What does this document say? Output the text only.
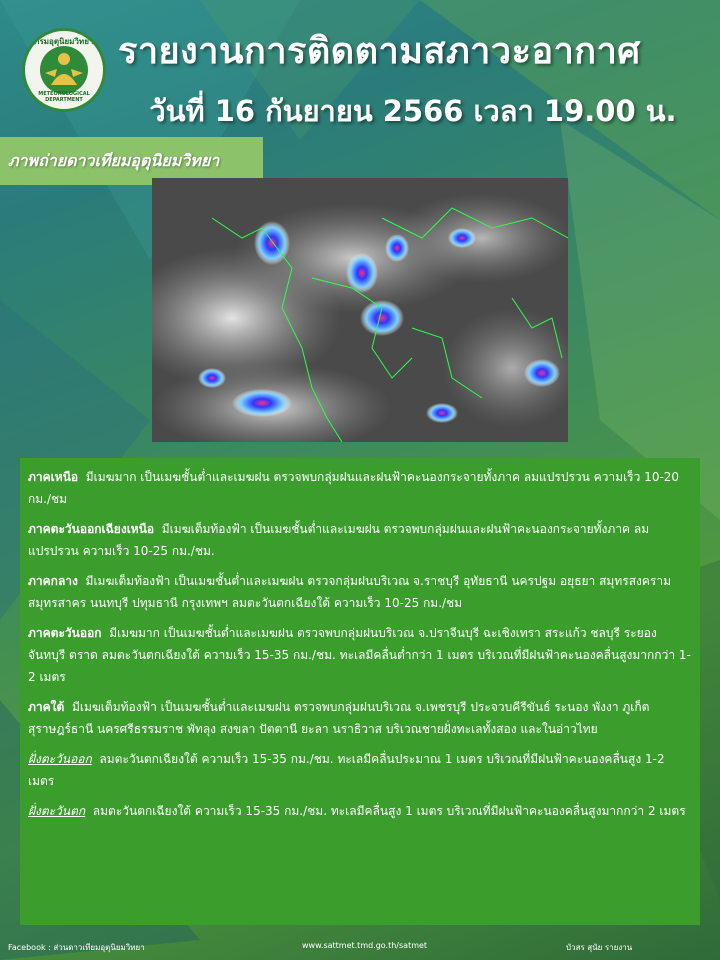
กรมอุตุนิยมวิทยา
METEOROLOGICAL DEPARTMENT
รายงานการติดตามสภาวะอากาศ
วันที่ 16 กันยายน 2566 เวลา 19.00 น.
ภาพถ่ายดาวเทียมอุตุนิยมวิทยา
ภาคเหนือ มีเมฆมาก เป็นเมฆชั้นต่ำและเมฆฝน ตรวจพบกลุ่มฝนและฝนฟ้าคะนองกระจายทั้งภาค ลมแปรปรวน ความเร็ว 10-20 กม./ชม
ภาคตะวันออกเฉียงเหนือ มีเมฆเต็มท้องฟ้า เป็นเมฆชั้นต่ำและเมฆฝน ตรวจพบกลุ่มฝนและฝนฟ้าคะนองกระจายทั้งภาค ลมแปรปรวน ความเร็ว 10-25 กม./ชม.
ภาคกลาง มีเมฆเต็มท้องฟ้า เป็นเมฆชั้นต่ำและเมฆฝน ตรวจกลุ่มฝนบริเวณ จ.ราชบุรี อุทัยธานี นครปฐม อยุธยา สมุทรสงคราม สมุทรสาคร นนทบุรี ปทุมธานี กรุงเทพฯ ลมตะวันตกเฉียงใต้ ความเร็ว 10-25 กม./ชม
ภาคตะวันออก มีเมฆมาก เป็นเมฆชั้นต่ำและเมฆฝน ตรวจพบกลุ่มฝนบริเวณ จ.ปราจีนบุรี ฉะเชิงเทรา สระแก้ว ชลบุรี ระยอง จันทบุรี ตราด ลมตะวันตกเฉียงใต้ ความเร็ว 15-35 กม./ชม. ทะเลมีคลื่นต่ำกว่า 1 เมตร บริเวณที่มีฝนฟ้าคะนองคลื่นสูงมากกว่า 1-2 เมตร
ภาคใต้ มีเมฆเต็มท้องฟ้า เป็นเมฆชั้นต่ำและเมฆฝน ตรวจพบกลุ่มฝนบริเวณ จ.เพชรบุรี ประจวบคีรีขันธ์ ระนอง พังงา ภูเก็ต สุราษฎร์ธานี นครศรีธรรมราช พัทลุง สงขลา ปัตตานี ยะลา นราธิวาส บริเวณชายฝั่งทะเลทั้งสอง และในอ่าวไทย
ฝั่งตะวันออก ลมตะวันตกเฉียงใต้ ความเร็ว 15-35 กม./ชม. ทะเลมีคลื่นประมาณ 1 เมตร บริเวณที่มีฝนฟ้าคะนองคลื่นสูง 1-2 เมตร
ฝั่งตะวันตก ลมตะวันตกเฉียงใต้ ความเร็ว 15-35 กม./ชม. ทะเลมีคลื่นสูง 1 เมตร บริเวณที่มีฝนฟ้าคะนองคลื่นสูงมากกว่า 2 เมตร
Facebook : ส่วนดาวเทียมอุตุนิยมวิทยา	www.sattmet.tmd.go.th/satmet	บัวสร สุนัย รายงาน
